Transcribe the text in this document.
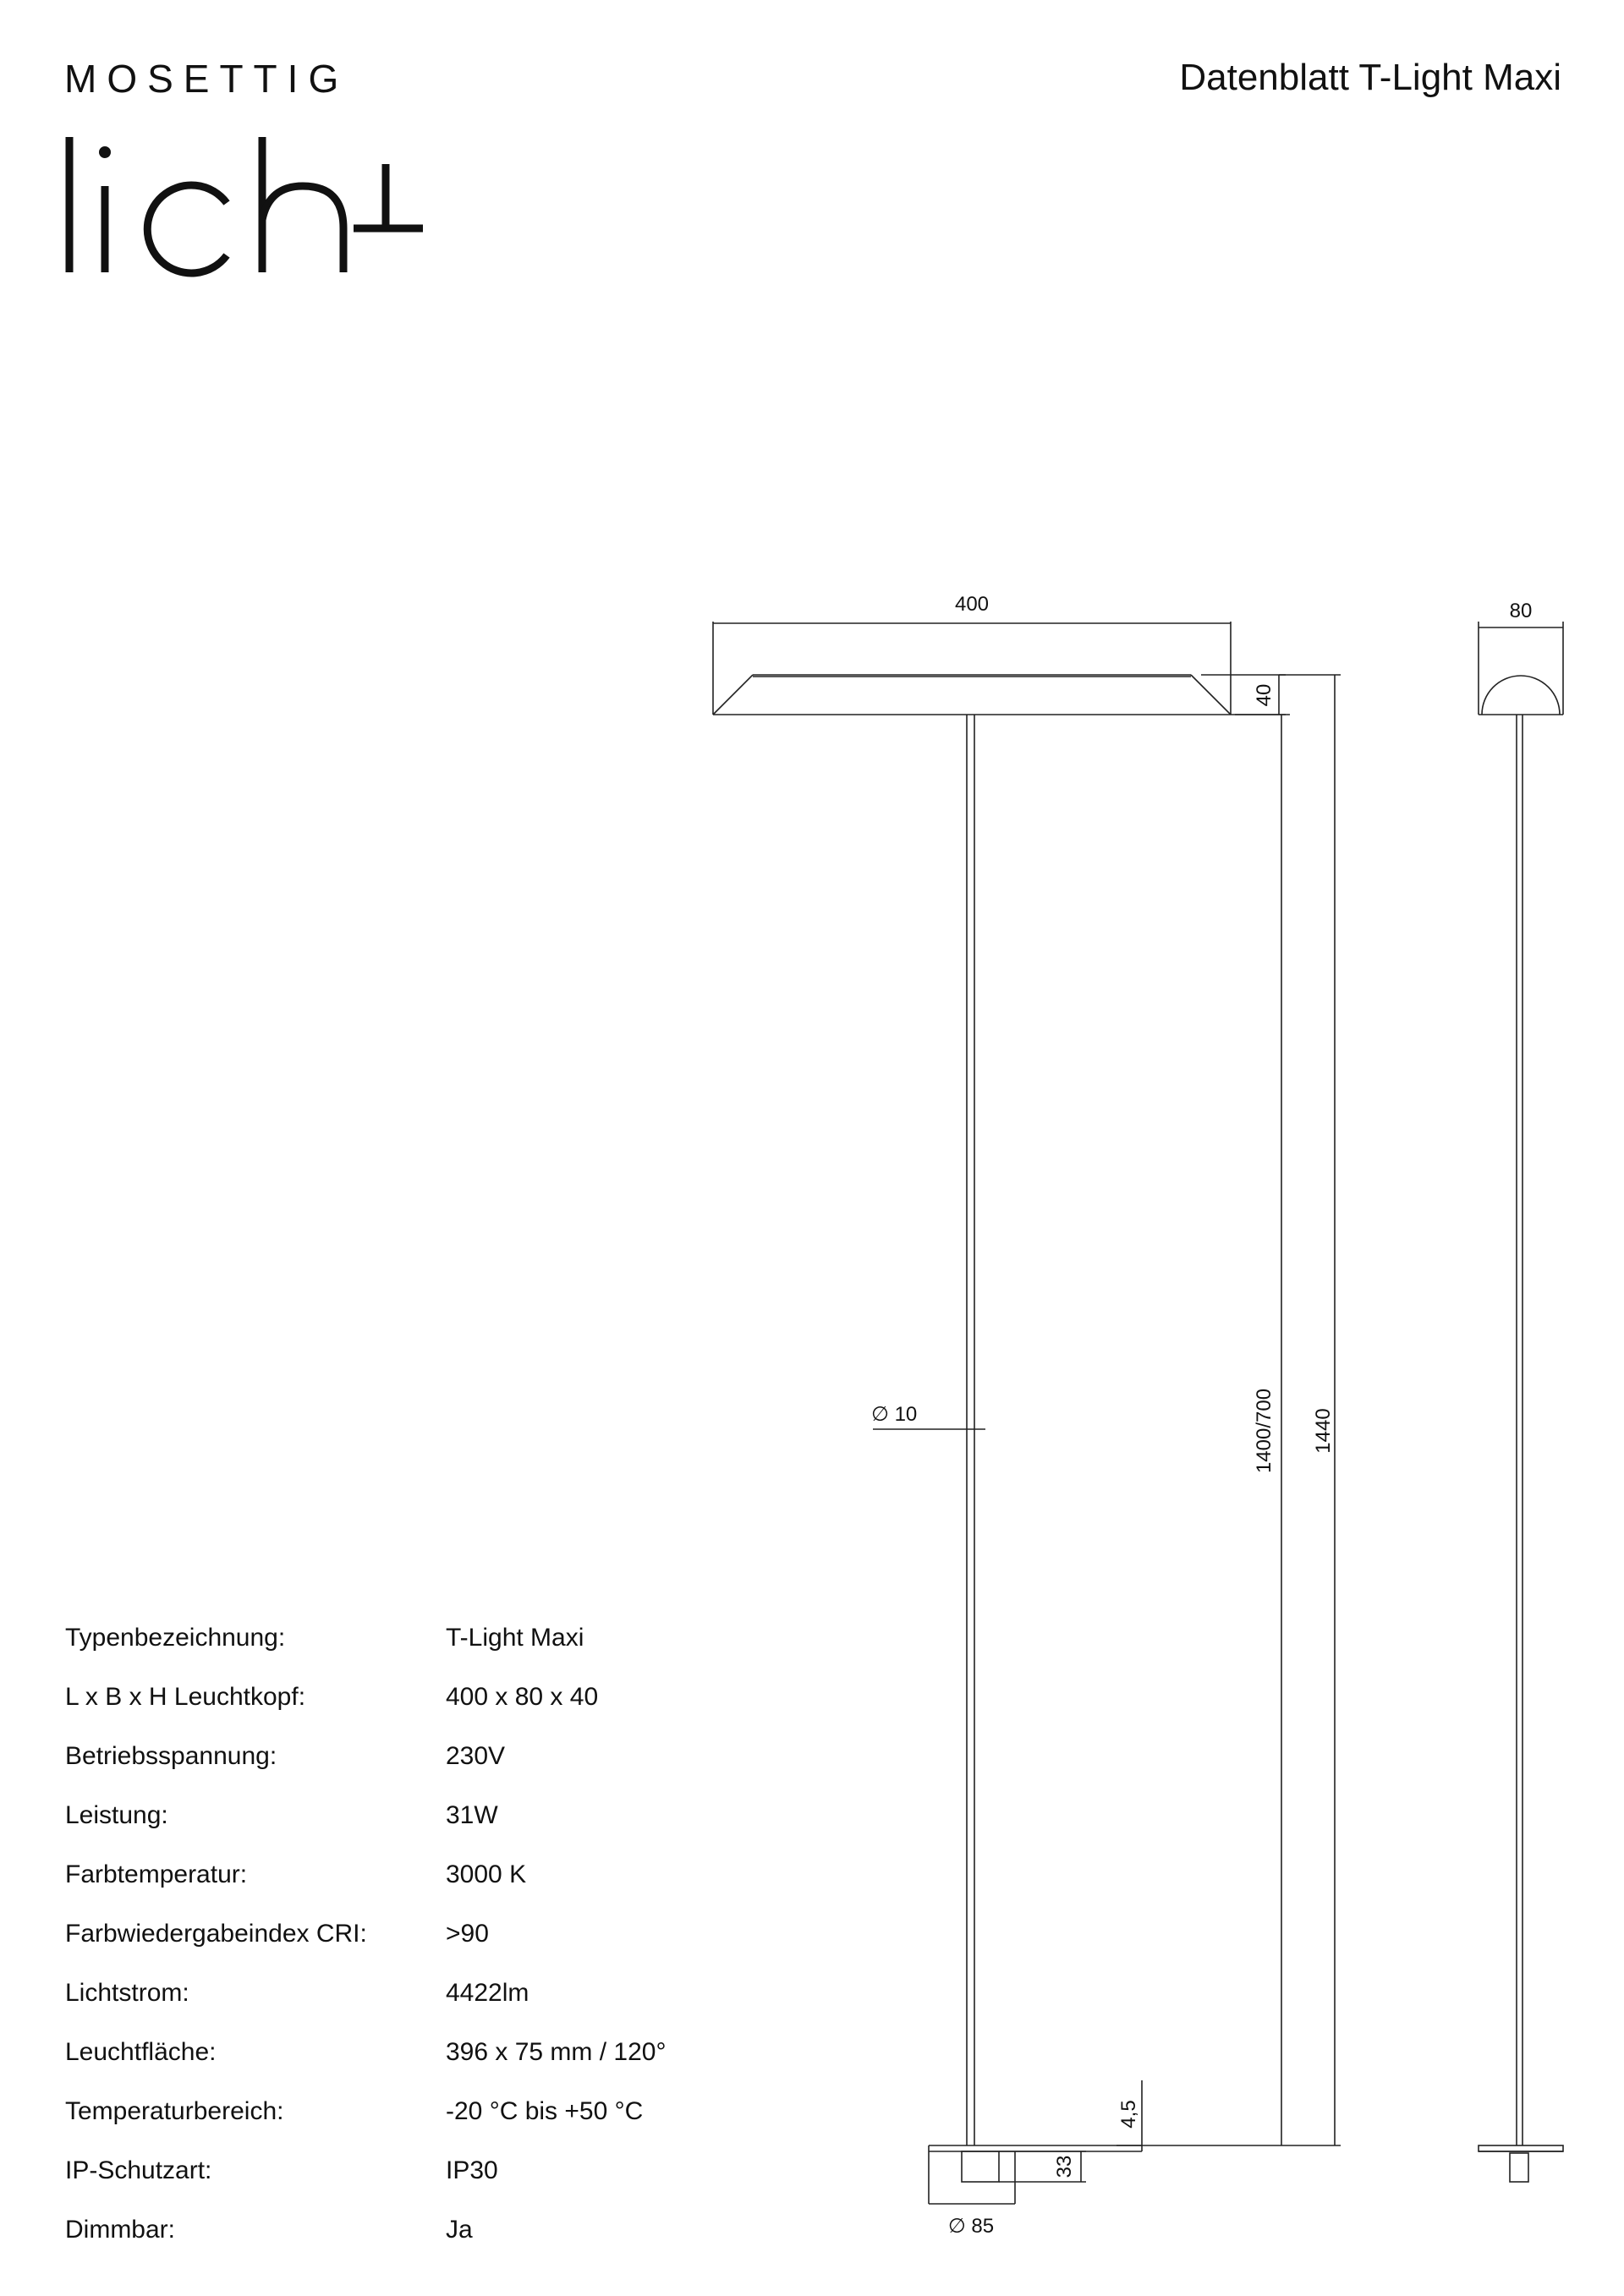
MOSETTIG	Datenblatt T-Light Maxi
400	80
40
∅ 10	1400/700 1440
4,5
33
∅ 85
Typenbezeichnung:	T-Light Maxi
L x B x H Leuchtkopf:	400 x 80 x 40
Betriebsspannung:	230V
Leistung:	31W
Farbtemperatur:	3000 K
Farbwiedergabeindex CRI:	>90
Lichtstrom:	4422lm
Leuchtfläche:	396 x 75 mm / 120°
Temperaturbereich:	-20 °C bis +50 °C
IP-Schutzart:	IP30
Dimmbar:	Ja
